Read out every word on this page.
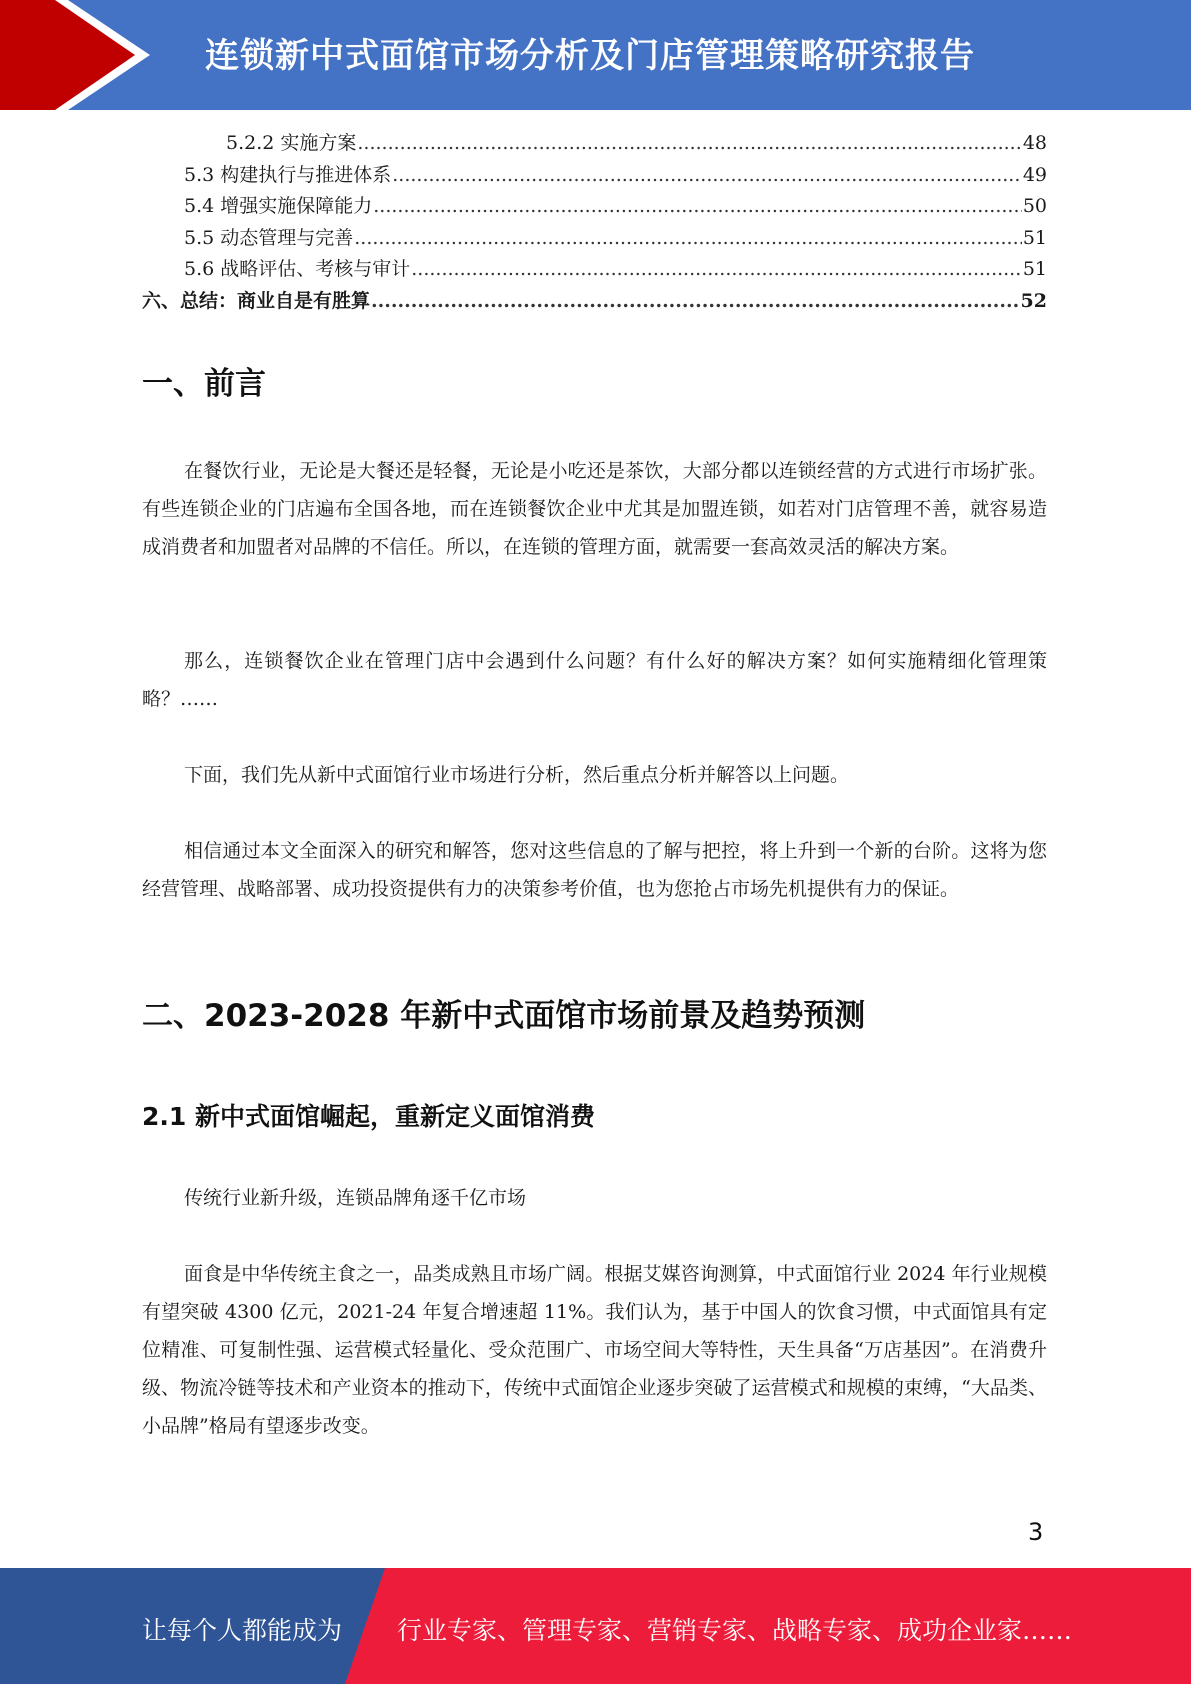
连锁新中式面馆市场分析及门店管理策略研究报告
5.2.2 实施方案 .....	48
5.3 构建执行与推进体系 .....	49
5.4 增强实施保障能力 .....	50
5.5 动态管理与完善 .....	51
5.6 战略评估、考核与审计 .....	51
六、总结：商业自是有胜算 .....	52
一、前言

在餐饮行业，无论是大餐还是轻餐，无论是小吃还是茶饮，大部分都以连锁经营的方式进行市场扩张。有些连锁企业的门店遍布全国各地，而在连锁餐饮企业中尤其是加盟连锁，如若对门店管理不善，就容易造成消费者和加盟者对品牌的不信任。所以，在连锁的管理方面，就需要一套高效灵活的解决方案。

那么，连锁餐饮企业在管理门店中会遇到什么问题？有什么好的解决方案？如何实施精细化管理策略？……

下面，我们先从新中式面馆行业市场进行分析，然后重点分析并解答以上问题。

相信通过本文全面深入的研究和解答，您对这些信息的了解与把控，将上升到一个新的台阶。这将为您经营管理、战略部署、成功投资提供有力的决策参考价值，也为您抢占市场先机提供有力的保证。

二、2023-2028 年新中式面馆市场前景及趋势预测
2.1 新中式面馆崛起，重新定义面馆消费

传统行业新升级，连锁品牌角逐千亿市场

面食是中华传统主食之一，品类成熟且市场广阔。根据艾媒咨询测算，中式面馆行业 2024 年行业规模有望突破 4300 亿元，2021-24 年复合增速超 11%。我们认为，基于中国人的饮食习惯，中式面馆具有定位精准、可复制性强、运营模式轻量化、受众范围广、市场空间大等特性，天生具备“万店基因”。在消费升级、物流冷链等技术和产业资本的推动下，传统中式面馆企业逐步突破了运营模式和规模的束缚，“大品类、小品牌”格局有望逐步改变。

3
让每个人都能成为 行业专家、管理专家、营销专家、战略专家、成功企业家……
